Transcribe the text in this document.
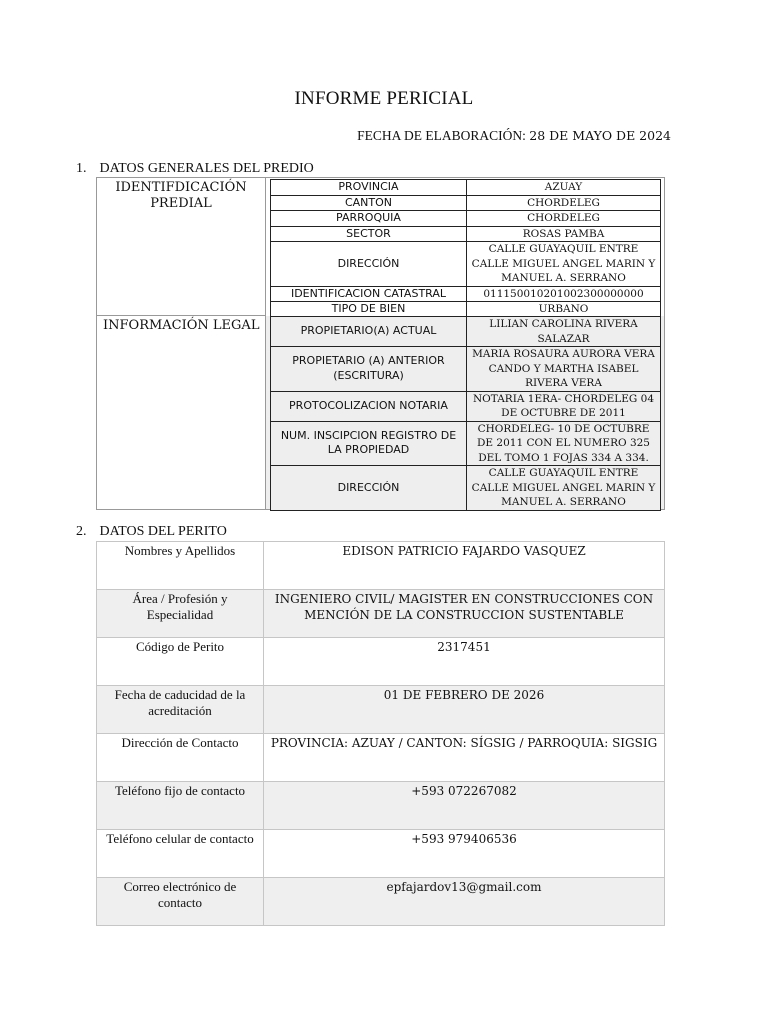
INFORME PERICIAL
FECHA DE ELABORACIÓN: 28 DE MAYO DE 2024
1. DATOS GENERALES DEL PREDIO
IDENTIFDICACIÓN PREDIAL
INFORMACIÓN LEGAL
PROVINCIA	AZUAY
CANTON	CHORDELEG
PARROQUIA	CHORDELEG
SECTOR	ROSAS PAMBA
DIRECCIÓN	CALLE GUAYAQUIL ENTRE CALLE MIGUEL ANGEL MARIN Y MANUEL A. SERRANO
IDENTIFICACION CATASTRAL	011150010201002300000000
TIPO DE BIEN	URBANO
PROPIETARIO(A) ACTUAL	LILIAN CAROLINA RIVERA SALAZAR
PROPIETARIO (A) ANTERIOR (ESCRITURA)	MARIA ROSAURA AURORA VERA CANDO Y MARTHA ISABEL RIVERA VERA
PROTOCOLIZACION NOTARIA	NOTARIA 1ERA- CHORDELEG 04 DE OCTUBRE DE 2011
NUM. INSCIPCION REGISTRO DE LA PROPIEDAD	CHORDELEG- 10 DE OCTUBRE DE 2011 CON EL NUMERO 325 DEL TOMO 1 FOJAS 334 A 334.
DIRECCIÓN	CALLE GUAYAQUIL ENTRE CALLE MIGUEL ANGEL MARIN Y MANUEL A. SERRANO
2. DATOS DEL PERITO
Nombres y Apellidos	EDISON PATRICIO FAJARDO VASQUEZ
Área / Profesión y Especialidad	INGENIERO CIVIL/ MAGISTER EN CONSTRUCCIONES CON MENCIÓN DE LA CONSTRUCCION SUSTENTABLE
Código de Perito	2317451
Fecha de caducidad de la acreditación	01 DE FEBRERO DE 2026
Dirección de Contacto	PROVINCIA: AZUAY / CANTON: SÍGSIG / PARROQUIA: SIGSIG
Teléfono fijo de contacto	+593 072267082
Teléfono celular de contacto	+593 979406536
Correo electrónico de contacto	epfajardov13@gmail.com
